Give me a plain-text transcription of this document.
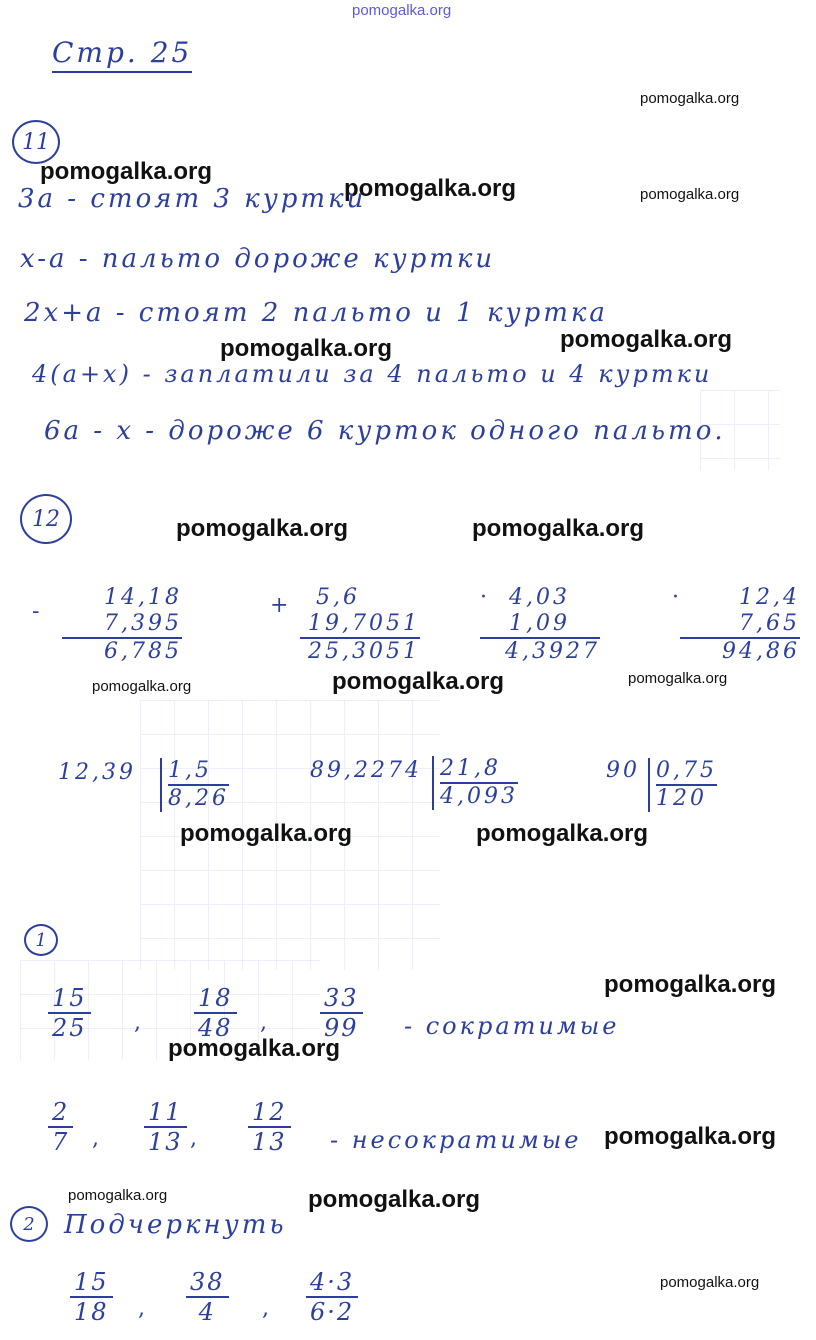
pomogalka.org
Стр. 25
pomogalka.org
11
pomogalka.org
pomogalka.org	pomogalka.org
3a - стоят 3 куртки
x-a - пальто дороже куртки
2x+a - стоят 2 пальто и 1 куртка
pomogalka.org	pomogalka.org
4(a+x) - заплатили за 4 пальто и 4 куртки
6a - x - дороже 6 курток одного пальто.
12	pomogalka.org	pomogalka.org
-
14,18
7,395
6,785
+	5,6
19,7051
25,3051
·	4,03
1,09
4,3927
·	12,4
7,65
94,86
pomogalka.org	pomogalka.org	pomogalka.org
12,39 1,5
8,26
89,2274 21,8
4,093
90 0,75
120
pomogalka.org	pomogalka.org
1
pomogalka.org
15
25 ,
18
48 ,
33
99 - сократимые
pomogalka.org
2
7 ,
11
13 ,
12
13 - несократимые pomogalka.org
pomogalka.org	pomogalka.org
2 Подчеркнуть
15
18 ,
38
4	,
4·3
6·2
pomogalka.org
